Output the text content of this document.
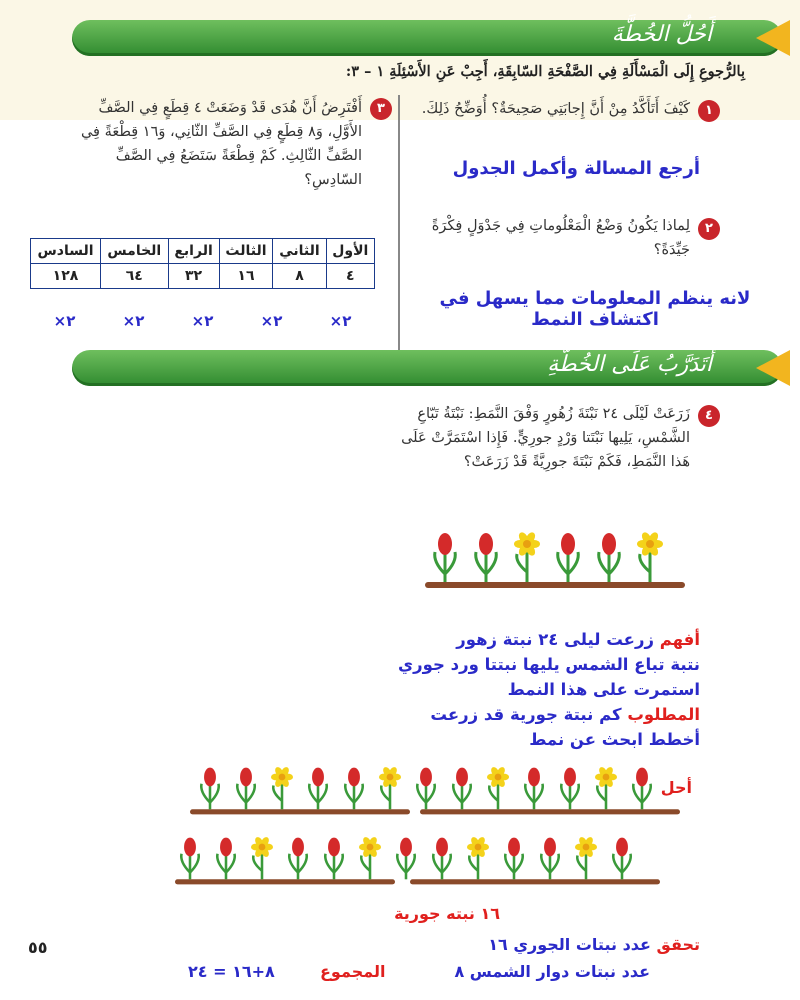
أَحُلُّ الخُطَّةَ
بِالرُّجوعِ إِلَى الْمَسْأَلَةِ فِي الصَّفْحَةِ السّابِقَةِ، أَجِبْ عَنِ الأَسْئِلَةِ ١ – ٣:
١
كَيْفَ أَتَأَكَّدُ مِنْ أَنَّ إِجابَتِي صَحِيحَةٌ؟ أُوَضِّحُ ذَلِكَ.
أرجع المسالة وأكمل الجدول
٢
لِماذا يَكُونُ وَضْعُ الْمَعْلُوماتِ فِي جَدْوَلٍ فِكْرَةً جَيِّدَةً؟
لانه ينظم المعلومات مما يسهل في اكتشاف النمط
٣
أَفْتَرِضُ أَنَّ هُدَى قَدْ وَضَعَتْ ٤ قِطَعٍ فِي الصَّفِّ الأَوَّلِ، وَ٨ قِطَعٍ فِي الصَّفِّ الثّانِي، وَ١٦ قِطْعَةً فِي الصَّفِّ الثّالِثِ. كَمْ قِطْعَةً سَتَضَعُ فِي الصَّفِّ السّادِسِ؟
الأول	الثاني	الثالث	الرابع	الخامس	السادس
٤	٨	١٦	٣٢	٦٤	١٢٨
٢×
٢×
٢×
٢×
٢×
أَتَدَرَّبُ عَلَى الخُطَّةِ
٤
زَرَعَتْ لَيْلَى ٢٤ نَبْتَةَ زُهُورٍ وَفْقَ النَّمَطِ: نَبْتَةُ تَبّاعِ الشَّمْسِ، يَلِيها نَبْتَتا وَرْدٍ جورِيٍّ. فَإِذا اسْتَمَرَّتْ عَلَى هَذا النَّمَطِ، فَكَمْ نَبْتَةَ جورِيَّةً قَدْ زَرَعَتْ؟
أفهم زرعت ليلى ٢٤ نبتة زهور
نتبة تباع الشمس يليها نبتتا ورد جوري
استمرت على هذا النمط
المطلوب كم نبتة جورية قد زرعت
أخطط ابحث عن نمط
أحل
١٦ نبته جورية
تحقق عدد نبتات الجوري ١٦
عدد نبتات دوار الشمس ٨
المجموع
٨+١٦ = ٢٤
٥٥
